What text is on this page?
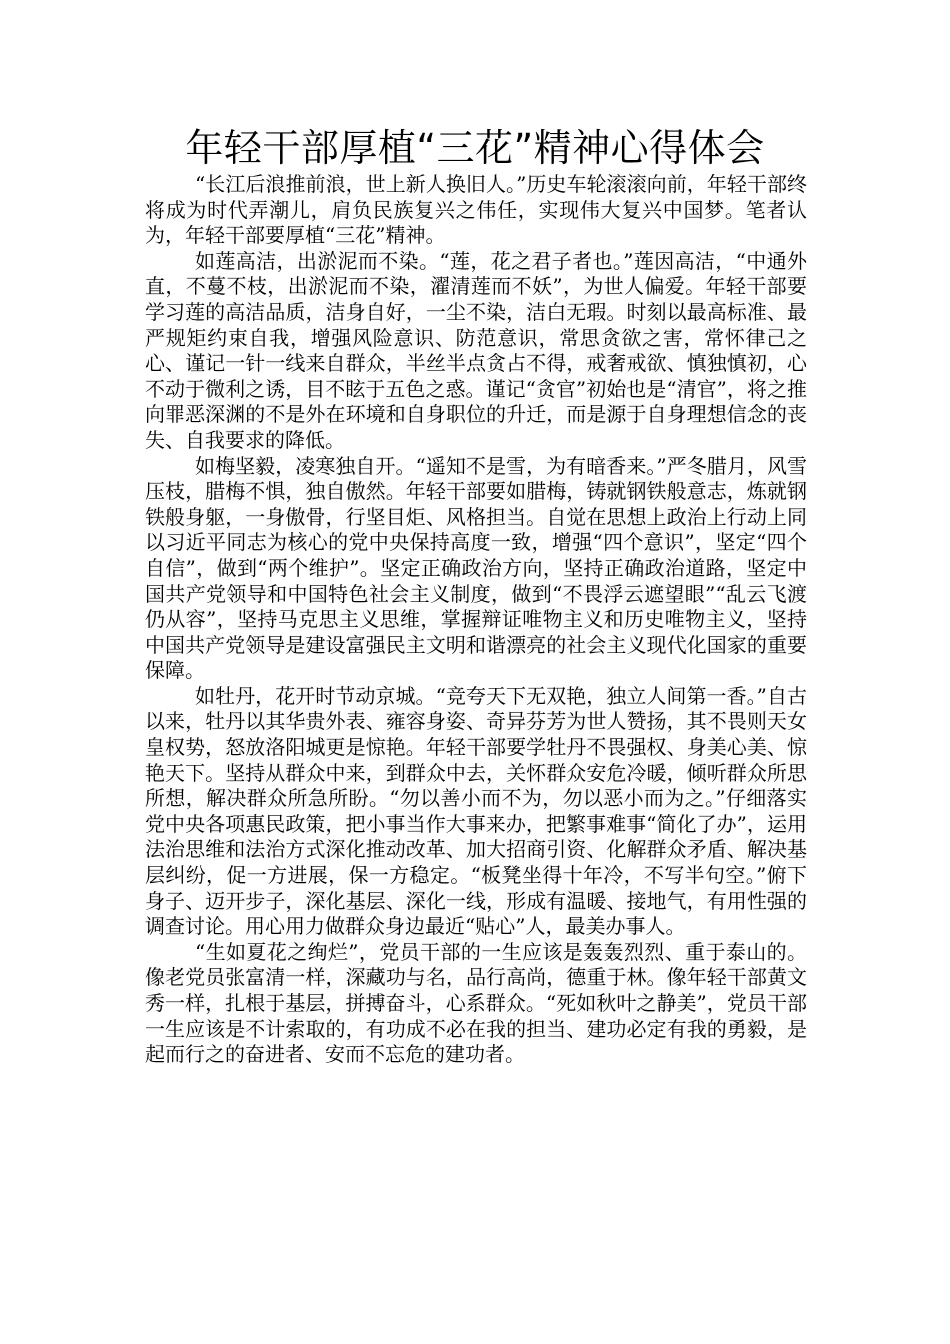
年轻干部厚植“三花”精神心得体会

“长江后浪推前浪，世上新人换旧人。”历史车轮滚滚向前，年轻干部终将成为时代弄潮儿，肩负民族复兴之伟任，实现伟大复兴中国梦。笔者认为，年轻干部要厚植“三花”精神。

如莲高洁，出淤泥而不染。“莲，花之君子者也。”莲因高洁，“中通外直，不蔓不枝，出淤泥而不染，濯清莲而不妖”，为世人偏爱。年轻干部要学习莲的高洁品质，洁身自好，一尘不染，洁白无瑕。时刻以最高标准、最严规矩约束自我，增强风险意识、防范意识，常思贪欲之害，常怀律己之心、谨记一针一线来自群众，半丝半点贪占不得，戒奢戒欲、慎独慎初，心不动于微利之诱，目不眩于五色之惑。谨记“贪官”初始也是“清官”，将之推向罪恶深渊的不是外在环境和自身职位的升迁，而是源于自身理想信念的丧失、自我要求的降低。

如梅坚毅，凌寒独自开。“遥知不是雪，为有暗香来。”严冬腊月，风雪压枝，腊梅不惧，独自傲然。年轻干部要如腊梅，铸就钢铁般意志，炼就钢铁般身躯，一身傲骨，行坚目炬、风格担当。自觉在思想上政治上行动上同以习近平同志为核心的党中央保持高度一致，增强“四个意识”，坚定“四个自信”，做到“两个维护”。坚定正确政治方向，坚持正确政治道路，坚定中国共产党领导和中国特色社会主义制度，做到“不畏浮云遮望眼”“乱云飞渡仍从容”，坚持马克思主义思维，掌握辩证唯物主义和历史唯物主义，坚持中国共产党领导是建设富强民主文明和谐漂亮的社会主义现代化国家的重要保障。

如牡丹，花开时节动京城。“竞夸天下无双艳，独立人间第一香。”自古以来，牡丹以其华贵外表、雍容身姿、奇异芬芳为世人赞扬，其不畏则天女皇权势，怒放洛阳城更是惊艳。年轻干部要学牡丹不畏强权、身美心美、惊艳天下。坚持从群众中来，到群众中去，关怀群众安危冷暖，倾听群众所思所想，解决群众所急所盼。“勿以善小而不为，勿以恶小而为之。”仔细落实党中央各项惠民政策，把小事当作大事来办，把繁事难事“简化了办”，运用法治思维和法治方式深化推动改革、加大招商引资、化解群众矛盾、解决基层纠纷，促一方进展，保一方稳定。“板凳坐得十年冷，不写半句空。”俯下身子、迈开步子，深化基层、深化一线，形成有温暖、接地气，有用性强的调查讨论。用心用力做群众身边最近“贴心”人，最美办事人。

“生如夏花之绚烂”，党员干部的一生应该是轰轰烈烈、重于泰山的。像老党员张富清一样，深藏功与名，品行高尚，德重于林。像年轻干部黄文秀一样，扎根于基层，拼搏奋斗，心系群众。“死如秋叶之静美”，党员干部一生应该是不计索取的，有功成不必在我的担当、建功必定有我的勇毅，是起而行之的奋进者、安而不忘危的建功者。
